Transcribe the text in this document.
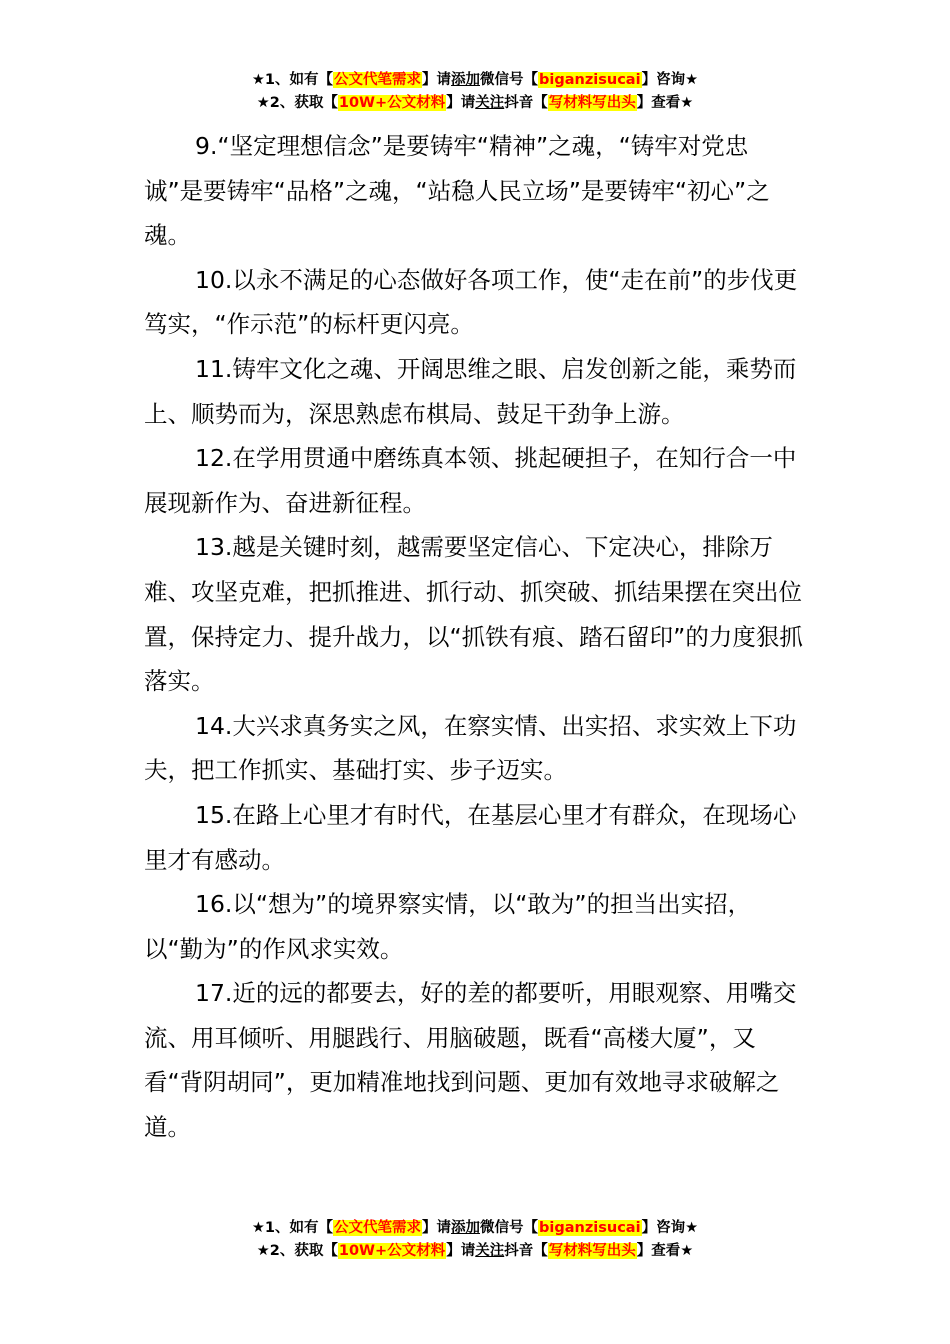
★1、如有【公文代笔需求】请添加微信号【biganzisucai】咨询★
★2、获取【10W+公文材料】请关注抖音【写材料写出头】查看★

9.“坚定理想信念”是要铸牢“精神”之魂，“铸牢对党忠诚”是要铸牢“品格”之魂，“站稳人民立场”是要铸牢“初心”之魂。

10.以永不满足的心态做好各项工作，使“走在前”的步伐更笃实，“作示范”的标杆更闪亮。

11.铸牢文化之魂、开阔思维之眼、启发创新之能，乘势而上、顺势而为，深思熟虑布棋局、鼓足干劲争上游。

12.在学用贯通中磨练真本领、挑起硬担子，在知行合一中展现新作为、奋进新征程。

13.越是关键时刻，越需要坚定信心、下定决心，排除万难、攻坚克难，把抓推进、抓行动、抓突破、抓结果摆在突出位置，保持定力、提升战力，以“抓铁有痕、踏石留印”的力度狠抓落实。

14.大兴求真务实之风，在察实情、出实招、求实效上下功夫，把工作抓实、基础打实、步子迈实。

15.在路上心里才有时代，在基层心里才有群众，在现场心里才有感动。

16.以“想为”的境界察实情，以“敢为”的担当出实招，以“勤为”的作风求实效。

17.近的远的都要去，好的差的都要听，用眼观察、用嘴交流、用耳倾听、用腿践行、用脑破题，既看“高楼大厦”，又看“背阴胡同”，更加精准地找到问题、更加有效地寻求破解之道。

★1、如有【公文代笔需求】请添加微信号【biganzisucai】咨询★
★2、获取【10W+公文材料】请关注抖音【写材料写出头】查看★
